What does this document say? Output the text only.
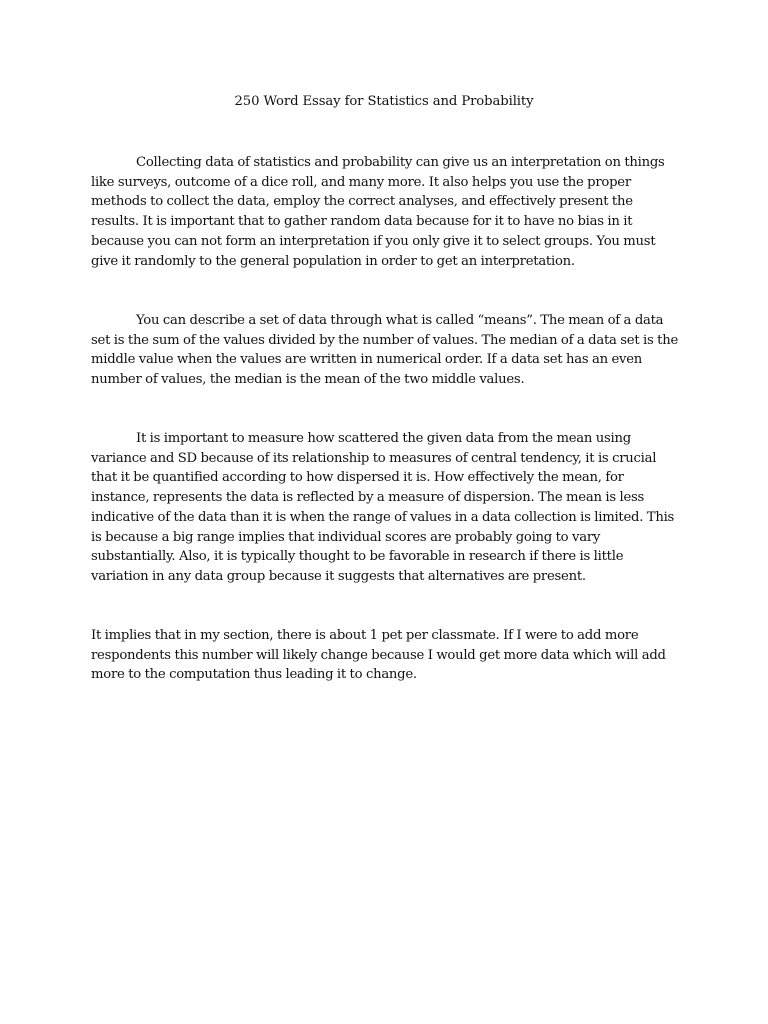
250 Word Essay for Statistics and Probability

Collecting data of statistics and probability can give us an interpretation on things like surveys, outcome of a dice roll, and many more. It also helps you use the proper methods to collect the data, employ the correct analyses, and effectively present the results. It is important that to gather random data because for it to have no bias in it because you can not form an interpretation if you only give it to select groups. You must give it randomly to the general population in order to get an interpretation.

You can describe a set of data through what is called “means”. The mean of a data set is the sum of the values divided by the number of values. The median of a data set is the middle value when the values are written in numerical order. If a data set has an even number of values, the median is the mean of the two middle values.

It is important to measure how scattered the given data from the mean using variance and SD because of its relationship to measures of central tendency, it is crucial that it be quantified according to how dispersed it is. How effectively the mean, for instance, represents the data is reflected by a measure of dispersion. The mean is less indicative of the data than it is when the range of values in a data collection is limited. This is because a big range implies that individual scores are probably going to vary substantially. Also, it is typically thought to be favorable in research if there is little variation in any data group because it suggests that alternatives are present.

It implies that in my section, there is about 1 pet per classmate. If I were to add more respondents this number will likely change because I would get more data which will add more to the computation thus leading it to change.
